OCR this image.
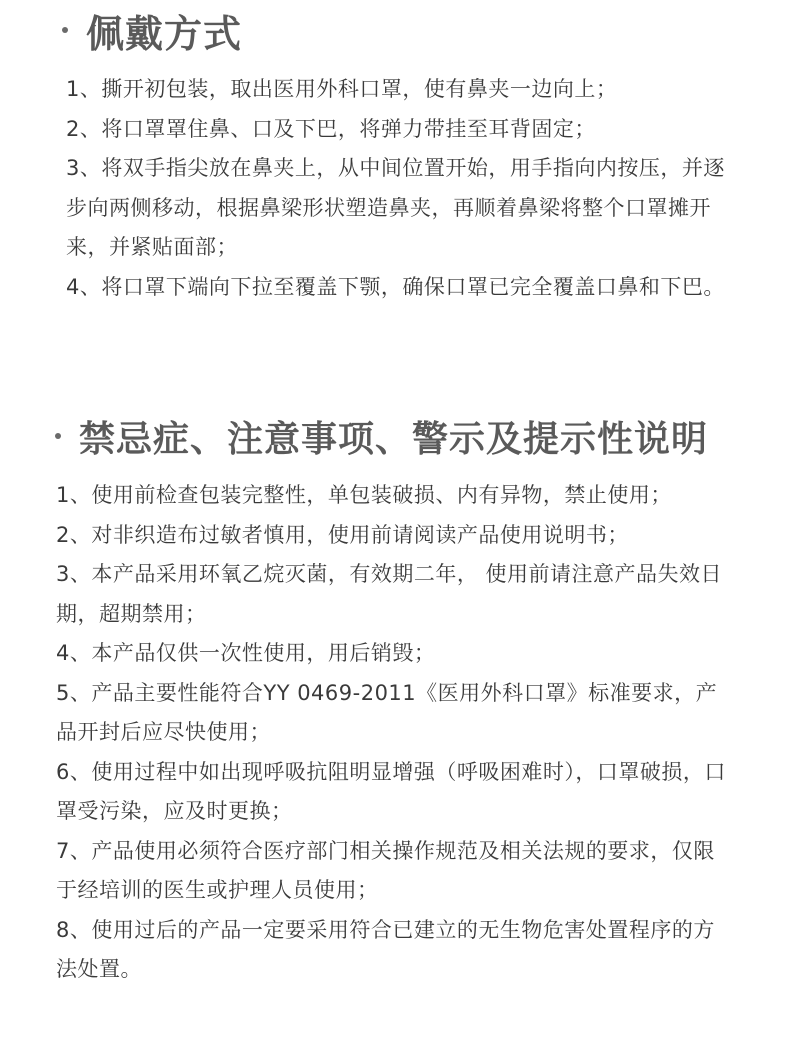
佩戴方式
1、撕开初包装，取出医用外科口罩，使有鼻夹一边向上；
2、将口罩罩住鼻、口及下巴，将弹力带挂至耳背固定；
3、将双手指尖放在鼻夹上，从中间位置开始，用手指向内按压，并逐步向两侧移动，根据鼻梁形状塑造鼻夹，再顺着鼻梁将整个口罩摊开来，并紧贴面部；
4、将口罩下端向下拉至覆盖下颚，确保口罩已完全覆盖口鼻和下巴。
禁忌症、注意事项、警示及提示性说明
1、使用前检查包装完整性，单包装破损、内有异物，禁止使用；
2、对非织造布过敏者慎用，使用前请阅读产品使用说明书；
3、本产品采用环氧乙烷灭菌，有效期二年， 使用前请注意产品失效日期，超期禁用；
4、本产品仅供一次性使用，用后销毁；
5、产品主要性能符合YY 0469-2011《医用外科口罩》标准要求，产品开封后应尽快使用；
6、使用过程中如出现呼吸抗阻明显增强（呼吸困难时），口罩破损，口罩受污染，应及时更换；
7、产品使用必须符合医疗部门相关操作规范及相关法规的要求，仅限于经培训的医生或护理人员使用；
8、使用过后的产品一定要采用符合已建立的无生物危害处置程序的方法处置。
